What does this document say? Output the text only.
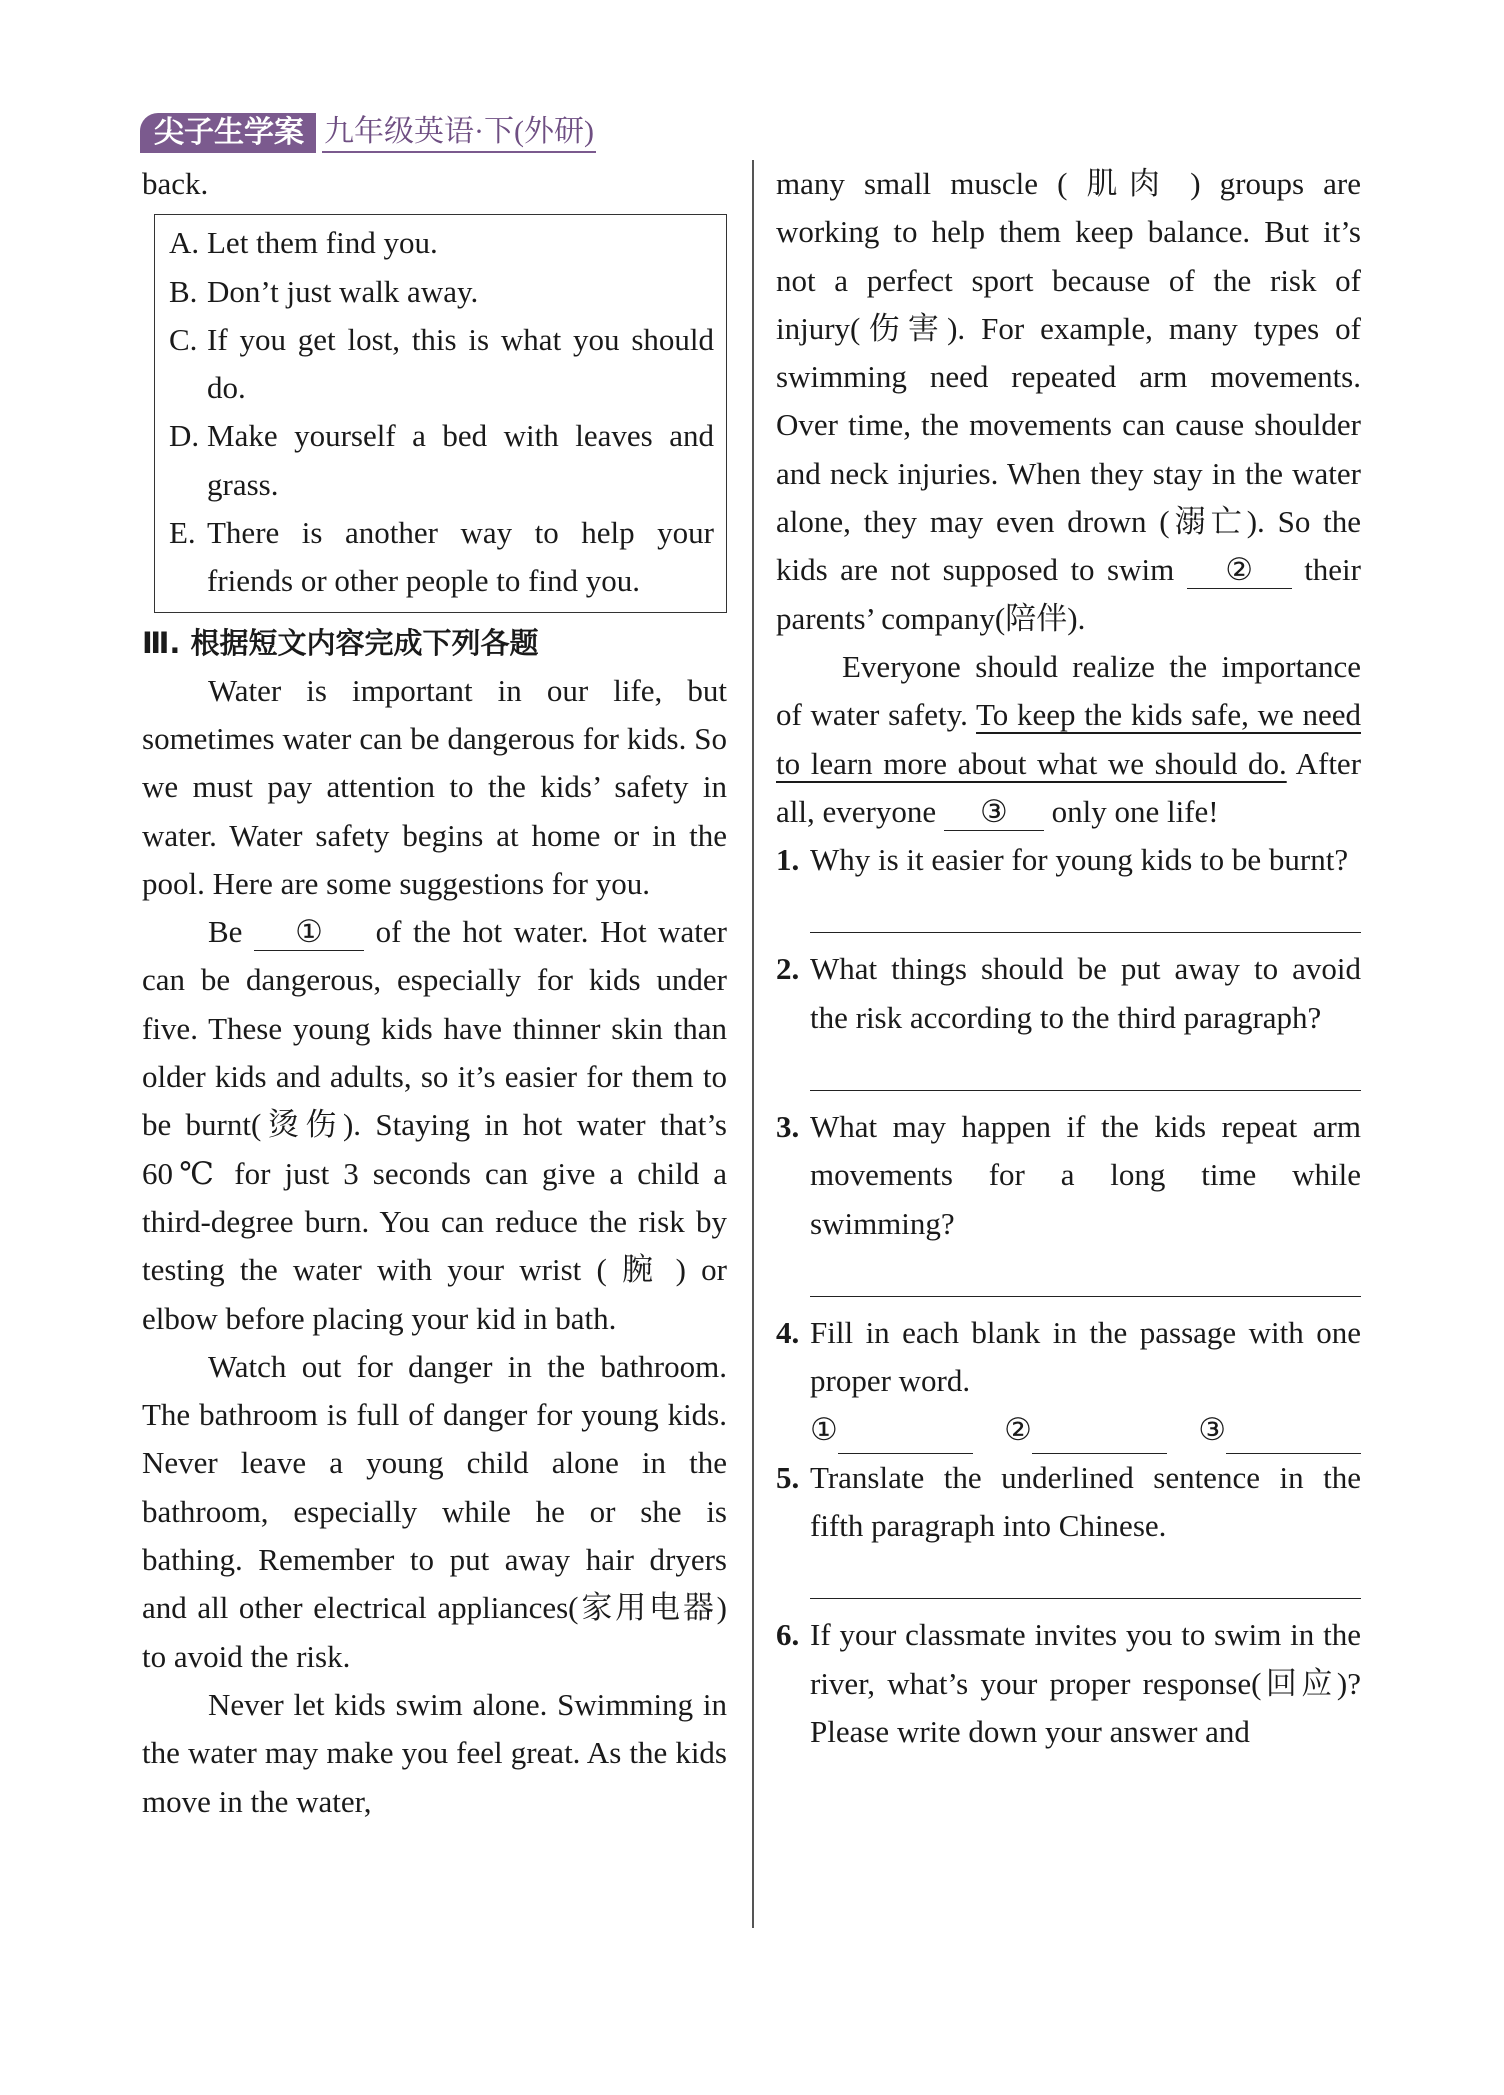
尖子生学案 九年级英语·下(外研)

back.

A. Let them find you.
B. Don’t just walk away.
C. If you get lost, this is what you should do.
D. Make yourself a bed with leaves and grass.
E. There is another way to help your friends or other people to find you.

Ⅲ. 根据短文内容完成下列各题

Water is important in our life, but sometimes water can be dangerous for kids. So we must pay attention to the kids’ safety in water. Water safety begins at home or in the pool. Here are some suggestions for you.

Be ① of the hot water. Hot water can be dangerous, especially for kids under five. These young kids have thinner skin than older kids and adults, so it’s easier for them to be burnt(烫伤). Staying in hot water that’s 60℃ for just 3 seconds can give a child a third-degree burn. You can reduce the risk by testing the water with your wrist ( 腕 ) or elbow before placing your kid in bath.

Watch out for danger in the bathroom. The bathroom is full of danger for young kids. Never leave a young child alone in the bathroom, especially while he or she is bathing. Remember to put away hair dryers and all other electrical appliances(家用电器) to avoid the risk.

Never let kids swim alone. Swimming in the water may make you feel great. As the kids move in the water,

many small muscle ( 肌肉 ) groups are working to help them keep balance. But it’s not a perfect sport because of the risk of injury(伤害). For example, many types of swimming need repeated arm movements. Over time, the movements can cause shoulder and neck injuries. When they stay in the water alone, they may even drown (溺亡). So the kids are not supposed to swim ② their parents’ company(陪伴).

Everyone should realize the importance of water safety. To keep the kids safe, we need to learn more about what we should do. After all, everyone ③ only one life!

1. Why is it easier for young kids to be burnt?
2. What things should be put away to avoid the risk according to the third paragraph?
3. What may happen if the kids repeat arm movements for a long time while swimming?
4. Fill in each blank in the passage with one proper word.
①	②	③
5. Translate the underlined sentence in the fifth paragraph into Chinese.
6. If your classmate invites you to swim in the river, what’s your proper response(回应)? Please write down your answer and
